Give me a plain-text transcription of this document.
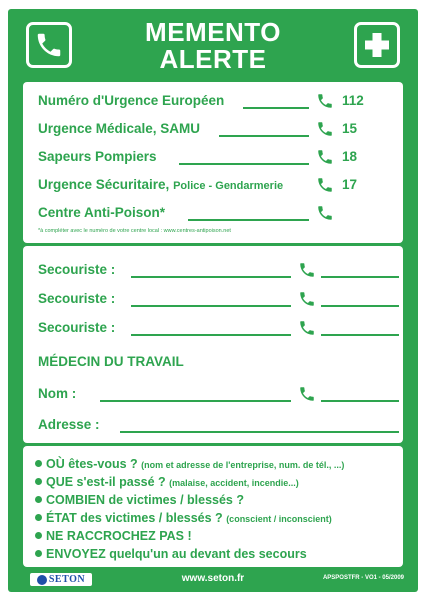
MEMENTO
ALERTE
Numéro d'Urgence Européen	112
Urgence Médicale, SAMU	15
Sapeurs Pompiers	18
Urgence Sécuritaire, Police - Gendarmerie	17
Centre Anti-Poison*
*à compléter avec le numéro de votre centre local : www.centres-antipoison.net
Secouriste :
Secouriste :
Secouriste :
MÉDECIN DU TRAVAIL
Nom :
Adresse :
OÙ êtes-vous ? (nom et adresse de l'entreprise, num. de tél., ...)
QUE s'est-il passé ? (malaise, accident, incendie...)
COMBIEN de victimes / blessés ?
ÉTAT des victimes / blessés ? (conscient / inconscient)
NE RACCROCHEZ PAS !
ENVOYEZ quelqu'un au devant des secours
SETON	www.seton.fr	APSPOSTFR - VO1 - 05/2009
